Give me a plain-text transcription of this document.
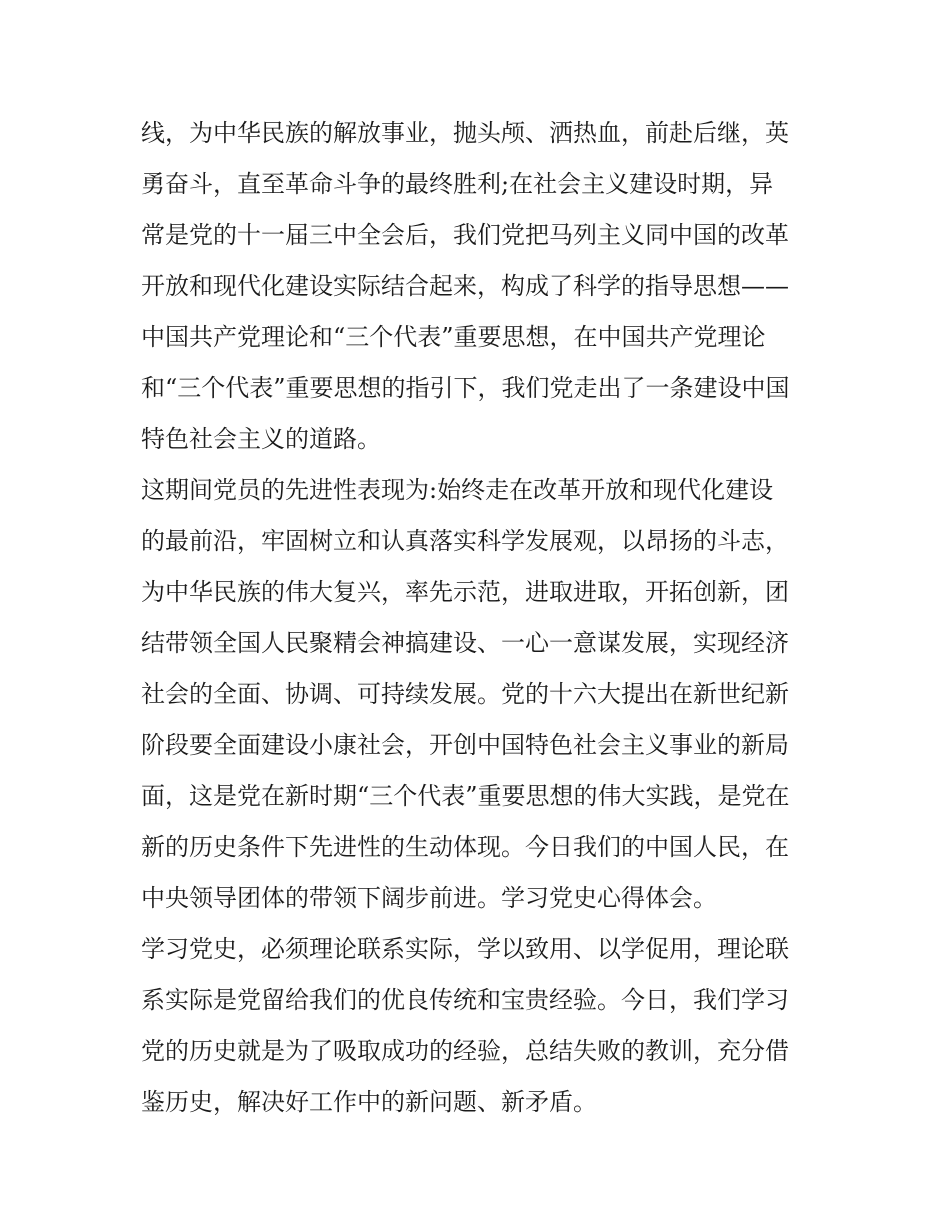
线，为中华民族的解放事业，抛头颅、洒热血，前赴后继，英
勇奋斗，直至革命斗争的最终胜利;在社会主义建设时期，异
常是党的十一届三中全会后，我们党把马列主义同中国的改革
开放和现代化建设实际结合起来，构成了科学的指导思想——
中国共产党理论和“三个代表”重要思想，在中国共产党理论
和“三个代表”重要思想的指引下，我们党走出了一条建设中国
特色社会主义的道路。
这期间党员的先进性表现为:始终走在改革开放和现代化建设
的最前沿，牢固树立和认真落实科学发展观，以昂扬的斗志，
为中华民族的伟大复兴，率先示范，进取进取，开拓创新，团
结带领全国人民聚精会神搞建设、一心一意谋发展，实现经济
社会的全面、协调、可持续发展。党的十六大提出在新世纪新
阶段要全面建设小康社会，开创中国特色社会主义事业的新局
面，这是党在新时期“三个代表”重要思想的伟大实践，是党在
新的历史条件下先进性的生动体现。今日我们的中国人民，在
中央领导团体的带领下阔步前进。学习党史心得体会。
学习党史，必须理论联系实际，学以致用、以学促用，理论联
系实际是党留给我们的优良传统和宝贵经验。今日，我们学习
党的历史就是为了吸取成功的经验，总结失败的教训，充分借
鉴历史，解决好工作中的新问题、新矛盾。
